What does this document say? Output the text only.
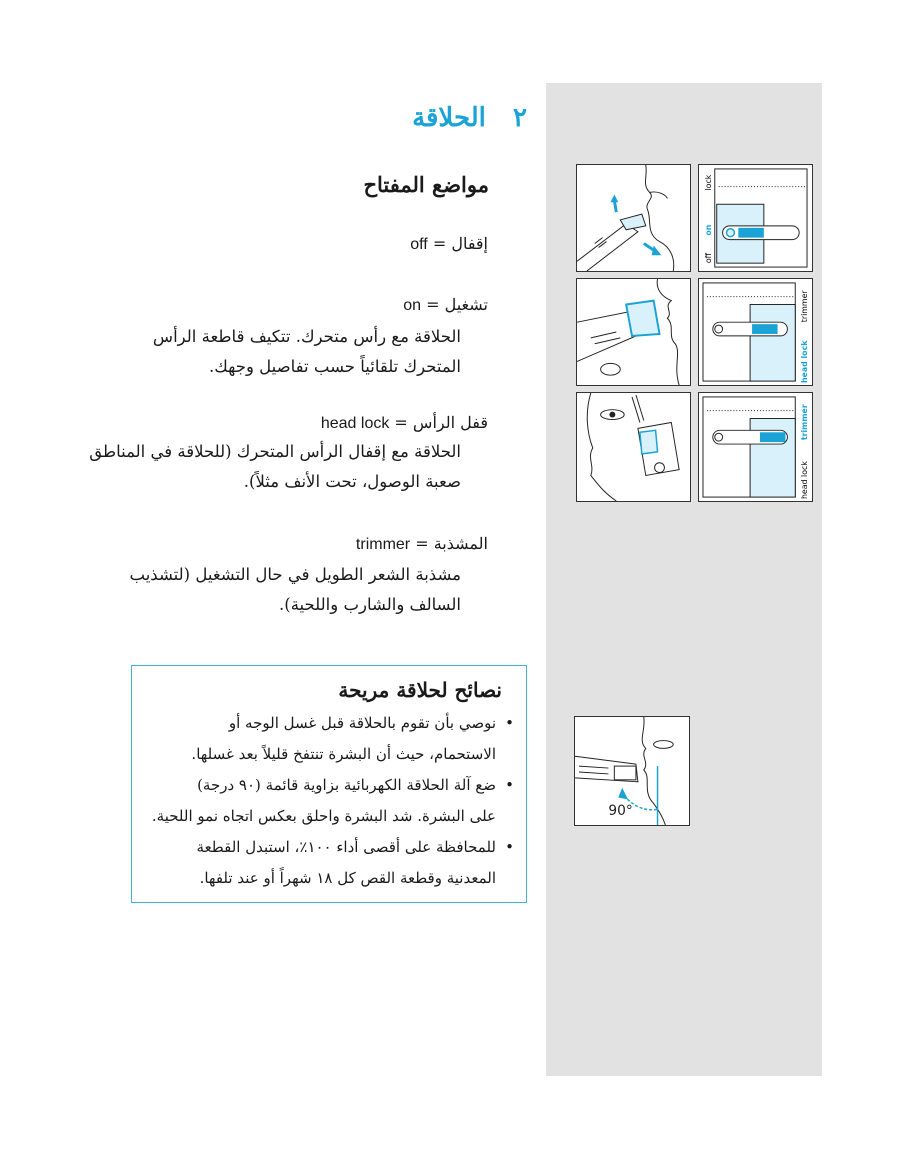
٢   الحلاقة
مواضع المفتاح
إقفال = off
تشغيل = on
الحلاقة مع رأس متحرك. تتكيف قاطعة الرأس
المتحرك تلقائياً حسب تفاصيل وجهك.
قفل الرأس = head lock
الحلاقة مع إقفال الرأس المتحرك (للحلاقة في المناطق
صعبة الوصول، تحت الأنف مثلاً).
المشذبة = trimmer
مشذبة الشعر الطويل في حال التشغيل (لتشذيب
السالف والشارب واللحية).
نصائح لحلاقة مريحة
• نوصي بأن تقوم بالحلاقة قبل غسل الوجه أو
الاستحمام، حيث أن البشرة تنتفخ قليلاً بعد غسلها.
• ضع آلة الحلاقة الكهربائية بزاوية قائمة (٩٠ درجة)
على البشرة. شد البشرة واحلق بعكس اتجاه نمو اللحية.
• للمحافظة على أقصى أداء ١٠٠٪، استبدل القطعة
المعدنية وقطعة القص كل ١٨ شهراً أو عند تلفها.
off
on
lock
trimmer
head lock
trimmer
head lock
90°
